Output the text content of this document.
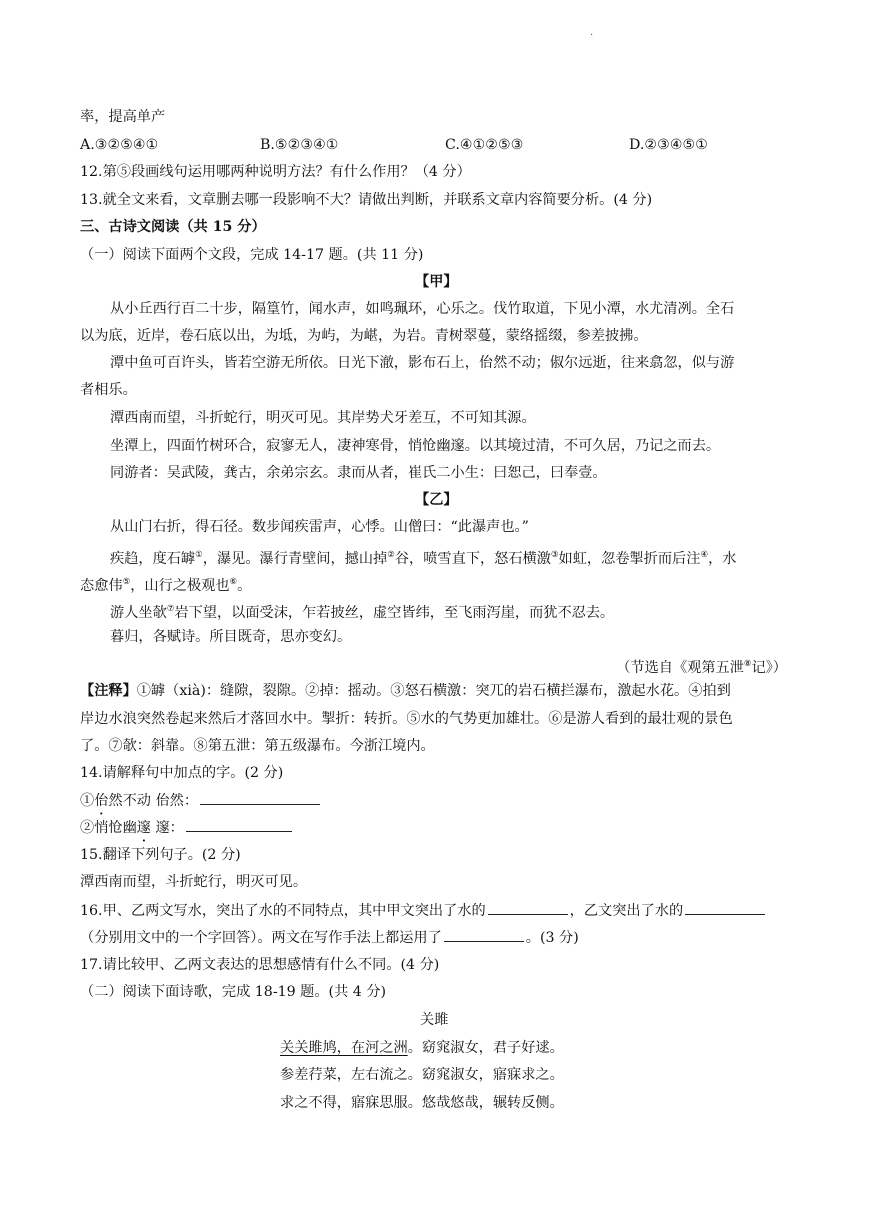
·
率，提高单产
A.③②⑤④①	B.⑤②③④①	C.④①②⑤③	D.②③④⑤①
12.第⑤段画线句运用哪两种说明方法？有什么作用？（4 分）
13.就全文来看，文章删去哪一段影响不大？请做出判断，并联系文章内容简要分析。(4 分)
三、古诗文阅读（共 15 分）
（一）阅读下面两个文段，完成 14-17 题。(共 11 分)
【甲】
从小丘西行百二十步，隔篁竹，闻水声，如鸣珮环，心乐之。伐竹取道，下见小潭，水尤清冽。全石
以为底，近岸，卷石底以出，为坻，为屿，为嵁，为岩。青树翠蔓，蒙络摇缀，参差披拂。
潭中鱼可百许头，皆若空游无所依。日光下澈，影布石上，佁然不动；俶尔远逝，往来翕忽，似与游
者相乐。
潭西南而望，斗折蛇行，明灭可见。其岸势犬牙差互，不可知其源。
坐潭上，四面竹树环合，寂寥无人，凄神寒骨，悄怆幽邃。以其境过清，不可久居，乃记之而去。
同游者：吴武陵，龚古，余弟宗玄。隶而从者，崔氏二小生：曰恕己，曰奉壹。
【乙】
从山门右折，得石径。数步闻疾雷声，心悸。山僧曰：“此瀑声也。”
疾趋，度石罅①，瀑见。瀑行青壁间，撼山掉②谷，喷雪直下，怒石横激③如虹，忽卷掣折而后注④，水
态愈伟⑤，山行之极观也⑥。
游人坐欹⑦岩下望，以面受沫，乍若披丝，虚空皆纬，至飞雨泻崖，而犹不忍去。
暮归，各赋诗。所目既奇，思亦变幻。
（节选自《观第五泄⑧记》）
【注释】①罅（xià)：缝隙，裂隙。②掉：摇动。③怒石横激：突兀的岩石横拦瀑布，激起水花。④拍到
岸边水浪突然卷起来然后才落回水中。掣折：转折。⑤水的气势更加雄壮。⑥是游人看到的最壮观的景色
了。⑦欹：斜靠。⑧第五泄：第五级瀑布。今浙江境内。
14.请解释句中加点的字。(2 分)
①佁然不动 佁然：
②悄怆幽邃 邃：
15.翻译下列句子。(2 分)
潭西南而望，斗折蛇行，明灭可见。
16.甲、乙两文写水，突出了水的不同特点，其中甲文突出了水的	，乙文突出了水的
（分别用文中的一个字回答）。两文在写作手法上都运用了	。(3 分)
17.请比较甲、乙两文表达的思想感情有什么不同。(4 分)
（二）阅读下面诗歌，完成 18-19 题。(共 4 分)
关雎
关关雎鸠，在河之洲。窈窕淑女，君子好逑。
参差荇菜，左右流之。窈窕淑女，寤寐求之。
求之不得，寤寐思服。悠哉悠哉，辗转反侧。
